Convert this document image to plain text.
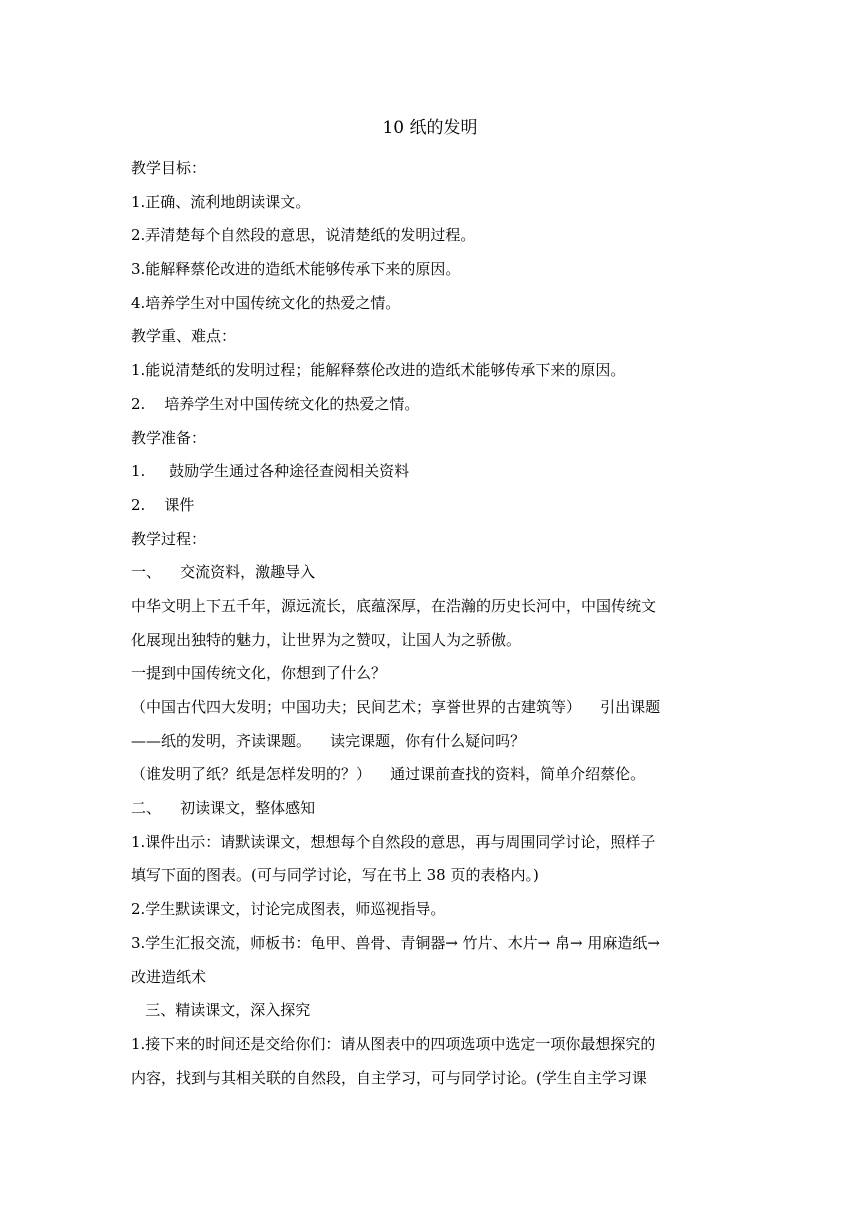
10 纸的发明
教学目标：
1.正确、流利地朗读课文。
2.弄清楚每个自然段的意思，说清楚纸的发明过程。
3.能解释蔡伦改进的造纸术能够传承下来的原因。
4.培养学生对中国传统文化的热爱之情。
教学重、难点：
1.能说清楚纸的发明过程；能解释蔡伦改进的造纸术能够传承下来的原因。
2.    培养学生对中国传统文化的热爱之情。
教学准备：
1.     鼓励学生通过各种途径查阅相关资料
2.    课件
教学过程：
一、    交流资料，激趣导入
中华文明上下五千年，源远流长，底蕴深厚，在浩瀚的历史长河中，中国传统文
化展现出独特的魅力，让世界为之赞叹，让国人为之骄傲。
一提到中国传统文化，你想到了什么？
（中国古代四大发明；中国功夫；民间艺术；享誉世界的古建筑等）    引出课题
——纸的发明，齐读课题。    读完课题，你有什么疑问吗？
（谁发明了纸？纸是怎样发明的？）    通过课前查找的资料，简单介绍蔡伦。
二、    初读课文，整体感知
1.课件出示：请默读课文，想想每个自然段的意思，再与周围同学讨论，照样子
填写下面的图表。(可与同学讨论，写在书上 38 页的表格内。)
2.学生默读课文，讨论完成图表，师巡视指导。
3.学生汇报交流，师板书：龟甲、兽骨、青铜器→ 竹片、木片→ 帛→ 用麻造纸→
改进造纸术
三、精读课文，深入探究
1.接下来的时间还是交给你们：请从图表中的四项选项中选定一项你最想探究的
内容，找到与其相关联的自然段，自主学习，可与同学讨论。(学生自主学习课
